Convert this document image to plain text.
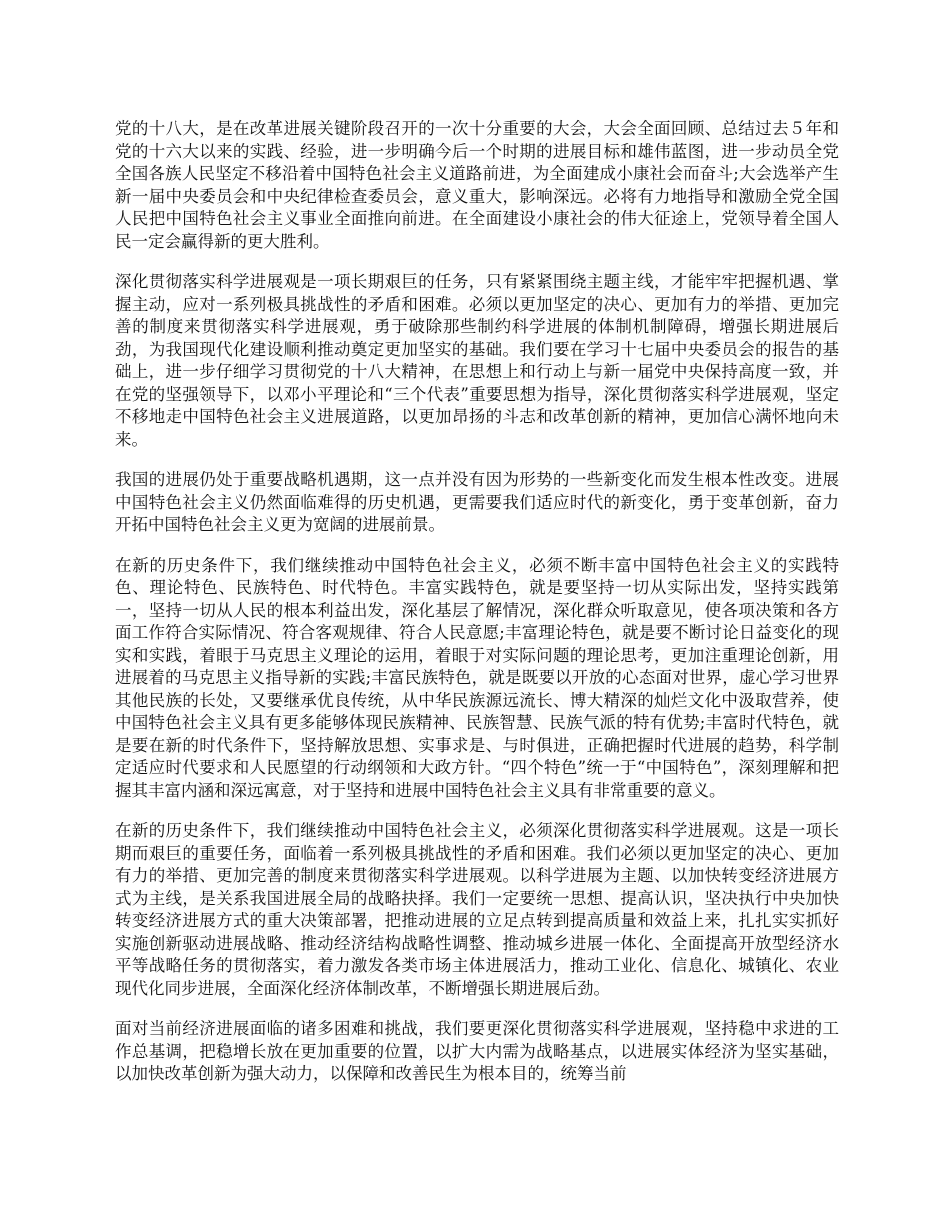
党的十八大，是在改革进展关键阶段召开的一次十分重要的大会，大会全面回顾、总结过去５年和党的十六大以来的实践、经验，进一步明确今后一个时期的进展目标和雄伟蓝图，进一步动员全党全国各族人民坚定不移沿着中国特色社会主义道路前进，为全面建成小康社会而奋斗;大会选举产生新一届中央委员会和中央纪律检查委员会，意义重大，影响深远。必将有力地指导和激励全党全国人民把中国特色社会主义事业全面推向前进。在全面建设小康社会的伟大征途上，党领导着全国人民一定会赢得新的更大胜利。

深化贯彻落实科学进展观是一项长期艰巨的任务，只有紧紧围绕主题主线，才能牢牢把握机遇、掌握主动，应对一系列极具挑战性的矛盾和困难。必须以更加坚定的决心、更加有力的举措、更加完善的制度来贯彻落实科学进展观，勇于破除那些制约科学进展的体制机制障碍，增强长期进展后劲，为我国现代化建设顺利推动奠定更加坚实的基础。我们要在学习十七届中央委员会的报告的基础上，进一步仔细学习贯彻党的十八大精神，在思想上和行动上与新一届党中央保持高度一致，并在党的坚强领导下，以邓小平理论和“三个代表”重要思想为指导，深化贯彻落实科学进展观，坚定不移地走中国特色社会主义进展道路，以更加昂扬的斗志和改革创新的精神，更加信心满怀地向未来。

我国的进展仍处于重要战略机遇期，这一点并没有因为形势的一些新变化而发生根本性改变。进展中国特色社会主义仍然面临难得的历史机遇，更需要我们适应时代的新变化，勇于变革创新，奋力开拓中国特色社会主义更为宽阔的进展前景。

在新的历史条件下，我们继续推动中国特色社会主义，必须不断丰富中国特色社会主义的实践特色、理论特色、民族特色、时代特色。丰富实践特色，就是要坚持一切从实际出发，坚持实践第一，坚持一切从人民的根本利益出发，深化基层了解情况，深化群众听取意见，使各项决策和各方面工作符合实际情况、符合客观规律、符合人民意愿;丰富理论特色，就是要不断讨论日益变化的现实和实践，着眼于马克思主义理论的运用，着眼于对实际问题的理论思考，更加注重理论创新，用进展着的马克思主义指导新的实践;丰富民族特色，就是既要以开放的心态面对世界，虚心学习世界其他民族的长处，又要继承优良传统，从中华民族源远流长、博大精深的灿烂文化中汲取营养，使中国特色社会主义具有更多能够体现民族精神、民族智慧、民族气派的特有优势;丰富时代特色，就是要在新的时代条件下，坚持解放思想、实事求是、与时俱进，正确把握时代进展的趋势，科学制定适应时代要求和人民愿望的行动纲领和大政方针。“四个特色”统一于“中国特色”，深刻理解和把握其丰富内涵和深远寓意，对于坚持和进展中国特色社会主义具有非常重要的意义。

在新的历史条件下，我们继续推动中国特色社会主义，必须深化贯彻落实科学进展观。这是一项长期而艰巨的重要任务，面临着一系列极具挑战性的矛盾和困难。我们必须以更加坚定的决心、更加有力的举措、更加完善的制度来贯彻落实科学进展观。以科学进展为主题、以加快转变经济进展方式为主线，是关系我国进展全局的战略抉择。我们一定要统一思想、提高认识，坚决执行中央加快转变经济进展方式的重大决策部署，把推动进展的立足点转到提高质量和效益上来，扎扎实实抓好实施创新驱动进展战略、推动经济结构战略性调整、推动城乡进展一体化、全面提高开放型经济水平等战略任务的贯彻落实，着力激发各类市场主体进展活力，推动工业化、信息化、城镇化、农业现代化同步进展，全面深化经济体制改革，不断增强长期进展后劲。

面对当前经济进展面临的诸多困难和挑战，我们要更深化贯彻落实科学进展观，坚持稳中求进的工作总基调，把稳增长放在更加重要的位置，以扩大内需为战略基点，以进展实体经济为坚实基础，以加快改革创新为强大动力，以保障和改善民生为根本目的，统筹当前
